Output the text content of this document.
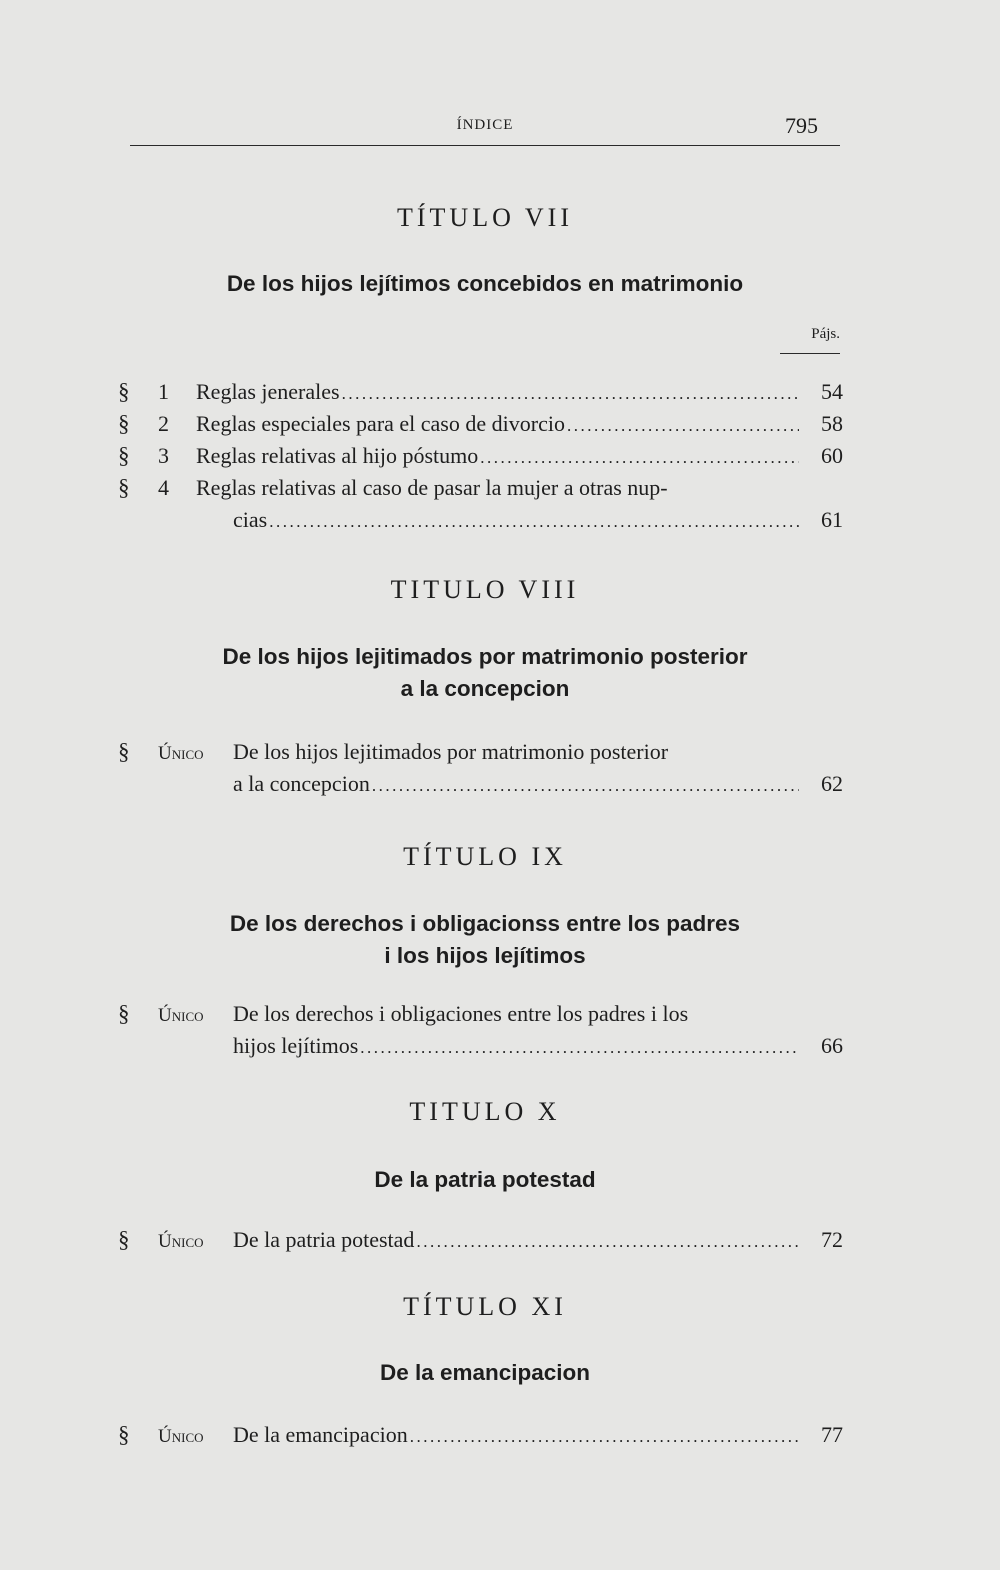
ÍNDICE	795
TÍTULO VII
De los hijos lejítimos concebidos en matrimonio
Pájs.
§	1	Reglas jenerales .....	54
§	2	Reglas especiales para el caso de divorcio .....	58
§	3	Reglas relativas al hijo póstumo .....	60
§	4	Reglas relativas al caso de pasar la mujer a otras nup-
cias .....	61
TITULO VIII
De los hijos lejitimados por matrimonio posterior
a la concepcion
§	Único	De los hijos lejitimados por matrimonio posterior
a la concepcion .....	62
TÍTULO IX
De los derechos i obligacionss entre los padres
i los hijos lejítimos
§	Único	De los derechos i obligaciones entre los padres i los
hijos lejítimos .....	66
TITULO X
De la patria potestad
§	Único	De la patria potestad .....	72
TÍTULO XI
De la emancipacion
§	Único	De la emancipacion .....	77
